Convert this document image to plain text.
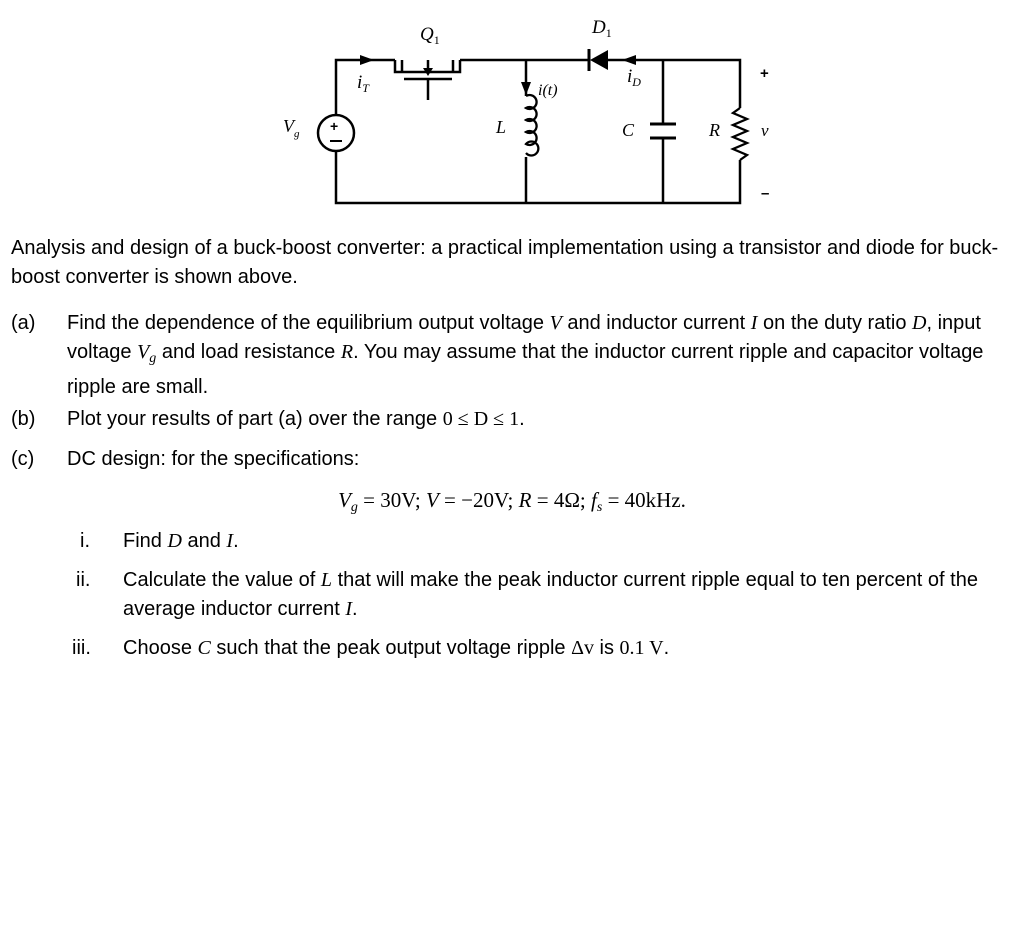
$Q_1$
$D_1$
$i_T$
$i_D$
i(t)
$V_g$ +	L	C	R v
+
–
Analysis and design of a buck-boost converter: a practical implementation using a transistor and diode for buck-boost converter is shown above.
(a) Find the dependence of the equilibrium output voltage V and inductor current I on the duty ratio D, input voltage $V_g$ and load resistance R. You may assume that the inductor current ripple and capacitor voltage ripple are small.
(b) Plot your results of part (a) over the range 0 ≤ D ≤ 1.
(c) DC design: for the specifications:
$V_g = 30V$; V = −20V; R = 4Ω; $f_s = 40kHz$.
i. Find D and I.
ii. Calculate the value of L that will make the peak inductor current ripple equal to ten percent of the average inductor current I.
iii. Choose C such that the peak output voltage ripple Δv is 0.1 V.
